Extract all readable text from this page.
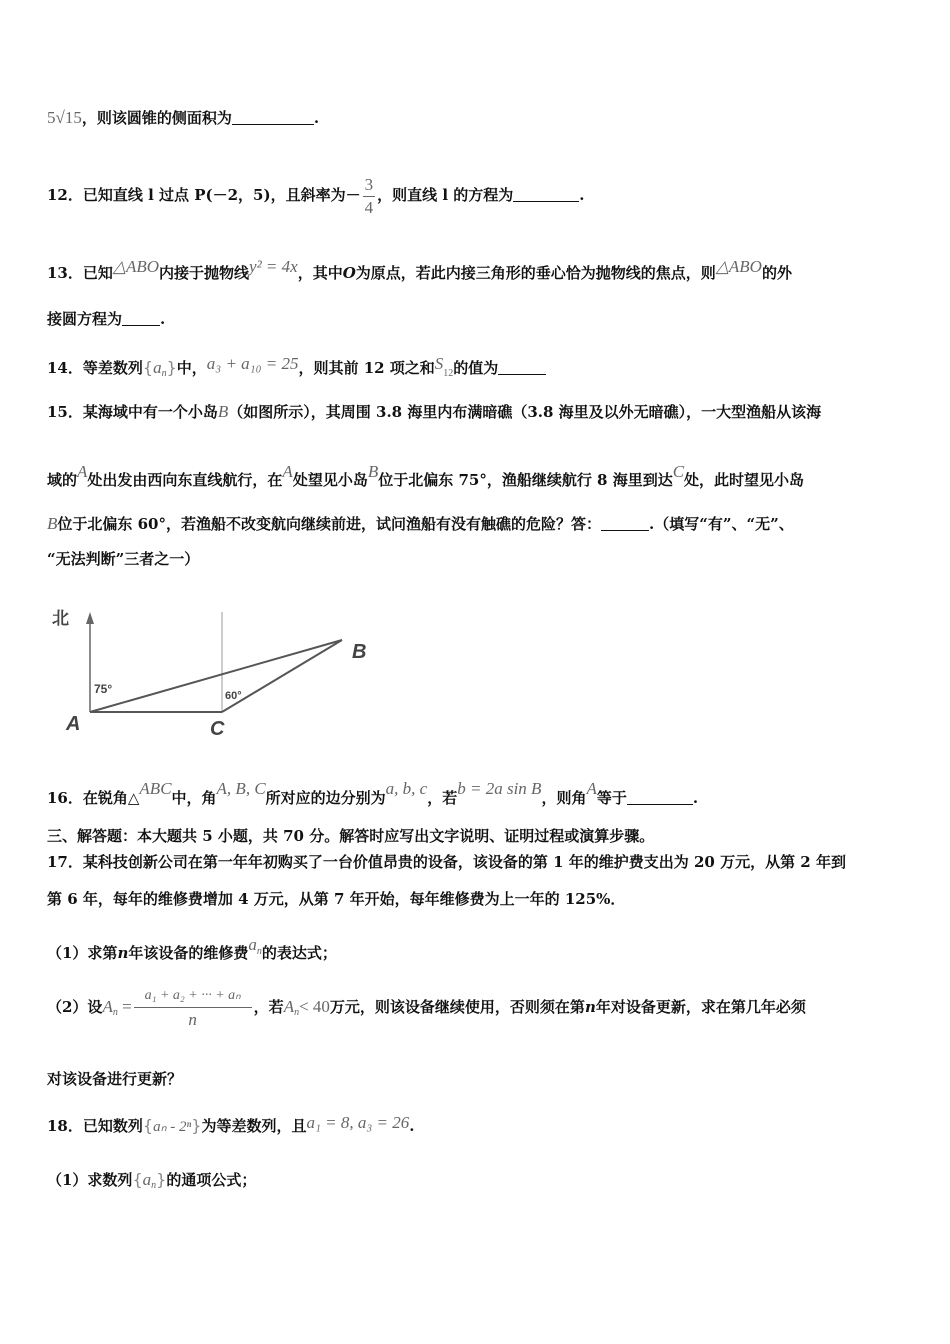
5√15，则该圆锥的侧面积为	.
12．已知直线 l 过点 P(－2，5)，且斜率为－ $\frac{3}{4}$ ，则直线 l 的方程为	.
13．已知△ABO内接于抛物线y² = 4x，其中O为原点，若此内接三角形的垂心恰为抛物线的焦点，则△ABO的外
接圆方程为	.
14．等差数列$\{a_n\}$中，a₃ + a₁₀ = 25，则其前 12 项之和$S_{12}$的值为
15．某海域中有一个小岛B（如图所示），其周围 3.8 海里内布满暗礁（3.8 海里及以外无暗礁），一大型渔船从该海
域的A处出发由西向东直线航行，在A处望见小岛B位于北偏东 75°，渔船继续航行 8 海里到达C处，此时望见小岛
B位于北偏东 60°，若渔船不改变航向继续前进，试问渔船有没有触礁的危险？答：	.（填写“有”、“无”、
“无法判断”三者之一）
北
75°	60°
A
B
C
16．在锐角△ABC中，角A, B, C所对应的边分别为a, b, c，若b = 2a sin B，则角A等于	.
三、解答题：本大题共 5 小题，共 70 分。解答时应写出文字说明、证明过程或演算步骤。
17．某科技创新公司在第一年年初购买了一台价值昂贵的设备，该设备的第 1 年的维护费支出为 20 万元，从第 2 年到
第 6 年，每年的维修费增加 4 万元，从第 7 年开始，每年维修费为上一年的 125%．
（1）求第n年该设备的维修费$a^n$的表达式；
（2）设$A_n = \frac{\text{a₁ + a₂ + ··· + aₙ}}{n}$ ，若$A_n< 40$万元，则该设备继续使用，否则须在第n年对设备更新，求在第几年必须
对该设备进行更新？
18．已知数列{aₙ - 2ⁿ}为等差数列，且a₁ = 8, a₃ = 26.
（1）求数列$\{a_n\}$的通项公式；
